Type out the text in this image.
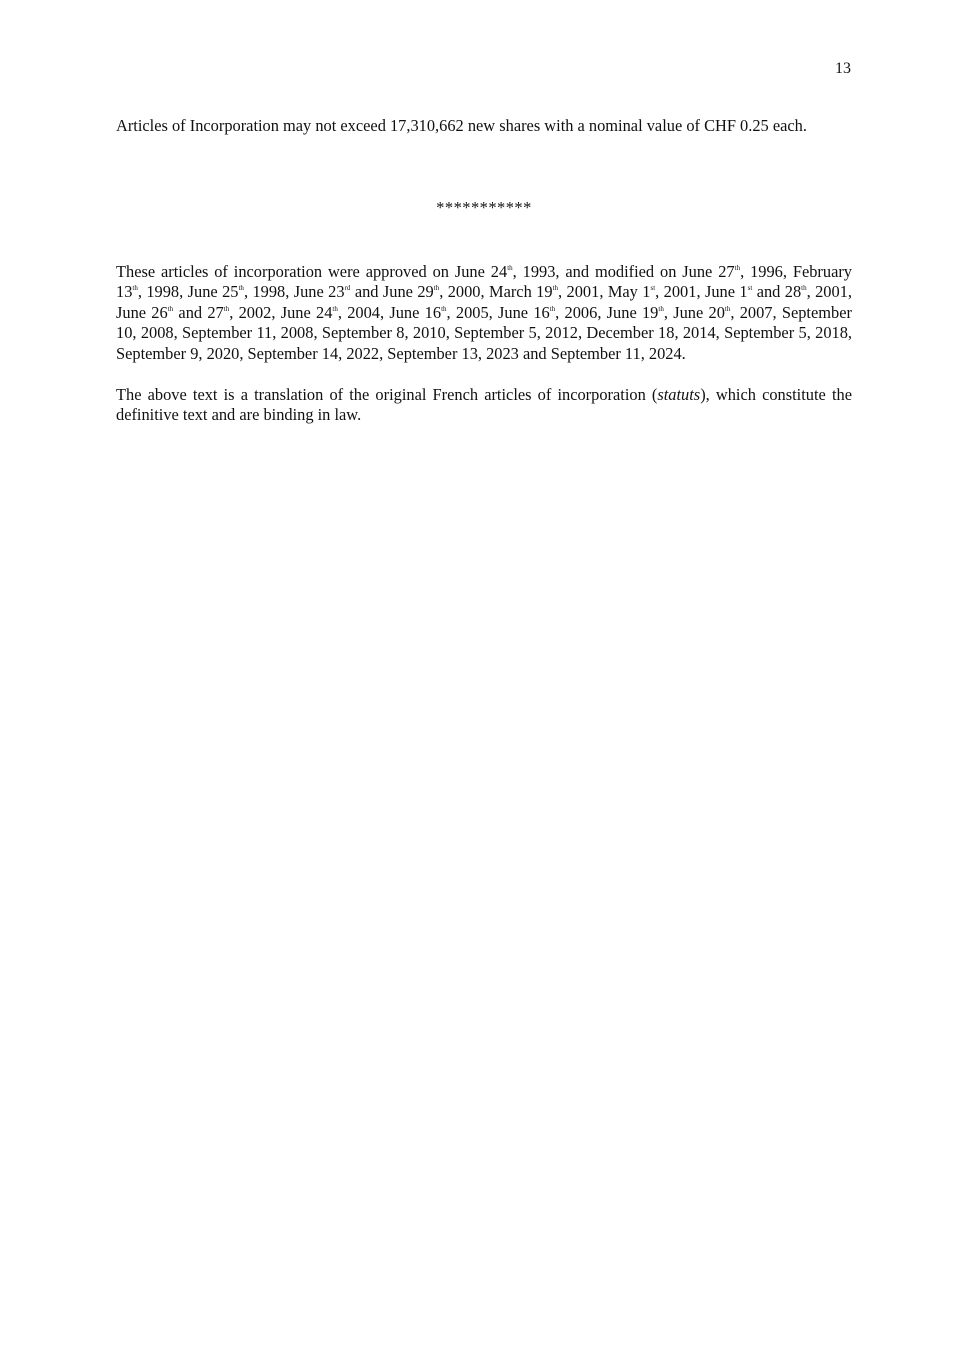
13

Articles of Incorporation may not exceed 17,310,662 new shares with a nominal value of CHF 0.25 each.

***********

These articles of incorporation were approved on June 24th, 1993, and modified on June 27th, 1996, February 13th, 1998, June 25th, 1998, June 23rd and June 29th, 2000, March 19th, 2001, May 1st, 2001, June 1st and 28th, 2001, June 26th and 27th, 2002, June 24th, 2004, June 16th, 2005, June 16th, 2006, June 19th, June 20th, 2007, September 10, 2008, September 11, 2008, September 8, 2010, September 5, 2012, December 18, 2014, September 5, 2018, September 9, 2020, September 14, 2022, September 13, 2023 and September 11, 2024.

The above text is a translation of the original French articles of incorporation (statuts), which constitute the definitive text and are binding in law.
